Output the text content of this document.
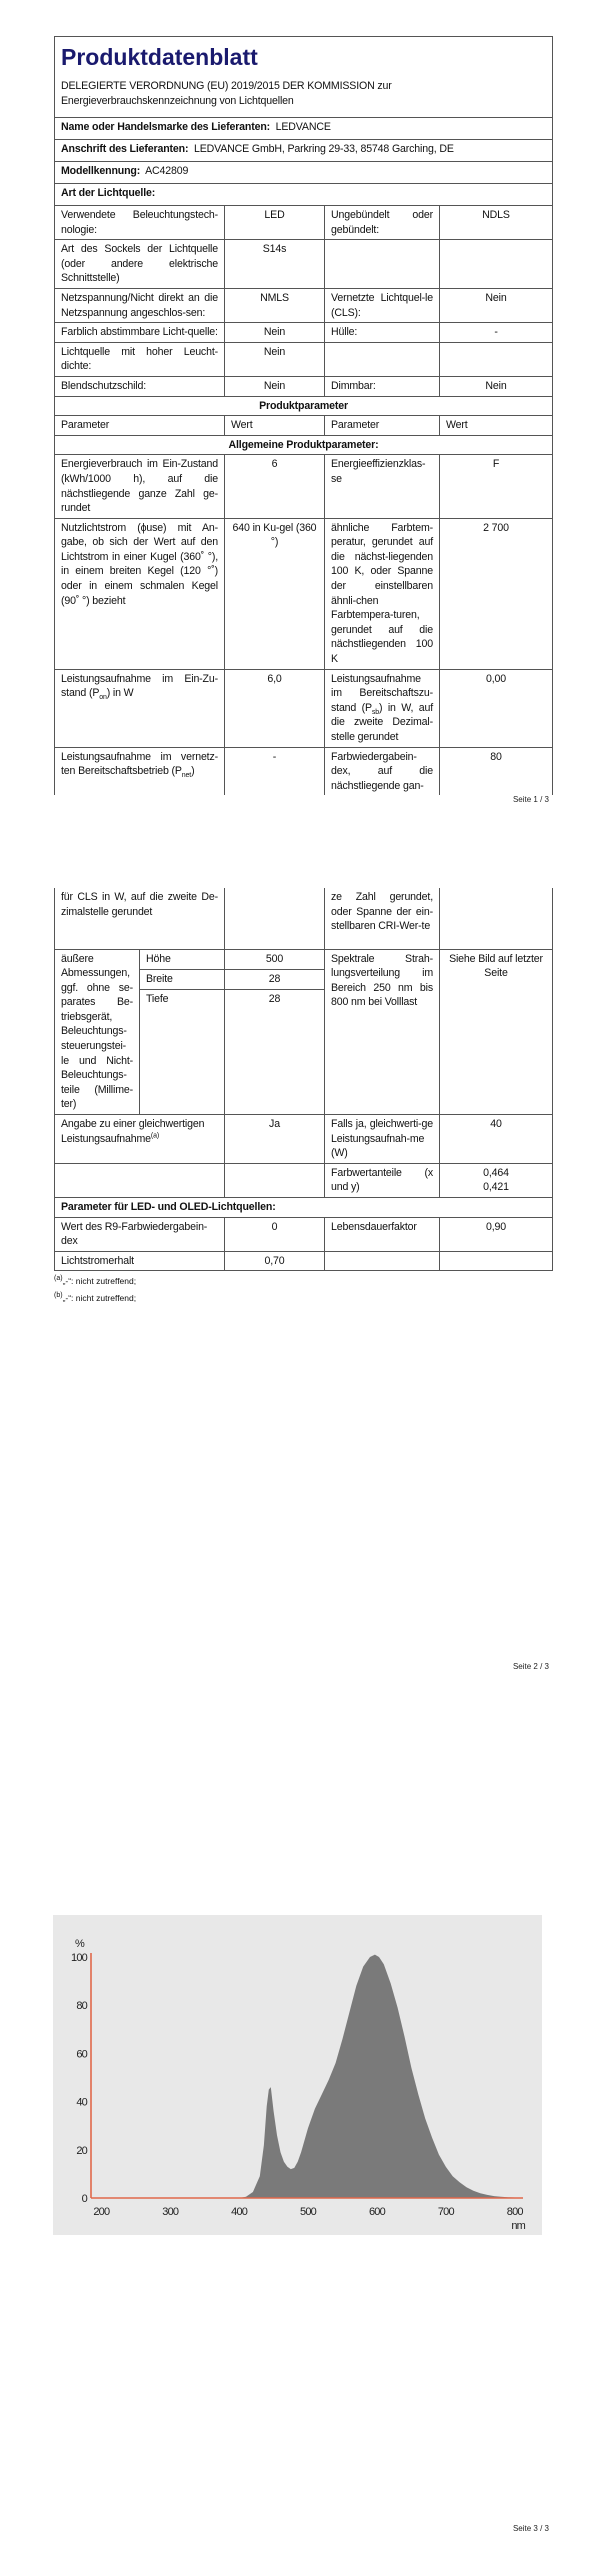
Produktdatenblatt
DELEGIERTE VERORDNUNG (EU) 2019/2015 DER KOMMISSION zur
Energieverbrauchskennzeichnung von Lichtquellen			

Name oder Handelsmarke des Lieferanten: LEDVANCE			
Anschrift des Lieferanten: LEDVANCE GmbH, Parkring 29-33, 85748 Garching, DE			
Modellkennung: AC42809			
Art der Lichtquelle:			
Verwendete Beleuchtungstech-nologie:	LED	Ungebündelt oder gebündelt:	NDLS
Art des Sockels der Lichtquelle (oder andere elektrische Schnittstelle)	S14s		
Netzspannung/Nicht direkt an die Netzspannung angeschlos-sen:	NMLS	Vernetzte Lichtquel-le (CLS):	Nein
Farblich abstimmbare Licht-quelle:	Nein	Hülle:	-
Lichtquelle mit hoher Leucht-dichte:	Nein		
Blendschutzschild:	Nein	Dimmbar:	Nein
Produktparameter			
Parameter	Wert	Parameter	Wert
Allgemeine Produktparameter:			
Energieverbrauch im Ein-Zustand (kWh/1000 h), auf die nächstliegende ganze Zahl ge-rundet	6	Energieeffizienzklas-se	F
Nutzlichtstrom (ϕuse) mit An-gabe, ob sich der Wert auf den Lichtstrom in einer Kugel (360˚ °), in einem breiten Kegel (120 °˚) oder in einem schmalen Kegel (90˚ °) bezieht	640 in Ku-gel (360 °)	ähnliche Farbtem-peratur, gerundet auf die nächst-liegenden 100 K, oder Spanne der einstellbaren ähnli-chen Farbtempera-turen, gerundet auf die nächstliegenden 100 K	2 700
Leistungsaufnahme im Ein-Zu-stand $(P_{on})$ in W	6,0	Leistungsaufnahme im Bereitschaftszu-stand $(P_{sb})$ in W, auf die zweite Dezimal-stelle gerundet	0,00
Leistungsaufnahme im vernetz-ten Bereitschaftsbetrieb $(P_{net})$	-	Farbwiedergabein-dex, auf die nächstliegende gan-	80
Seite 1 / 3
für CLS in W, auf die zweite De-zimalstelle gerundet			ze Zahl gerundet, oder Spanne der ein-stellbaren CRI-Wer-te	
äußere Abmessungen, ggf. ohne se-parates Be-triebsgerät, Beleuchtungs-steuerungstei-le und Nicht-Beleuchtungs-teile (Millime-ter)	Höhe	500	Spektrale Strah-lungsverteilung im Bereich 250 nm bis 800 nm bei Volllast	Siehe Bild auf letzter Seite
	Breite	28		
	Tiefe	28		
Angabe zu einer gleichwertigen Leistungsaufnahme$^{(a)}$		Ja	Falls ja, gleichwerti-ge Leistungsaufnah-me (W)	40
			Farbwertanteile (x und y)	0,464
0,421
Parameter für LED- und OLED-Lichtquellen:				
Wert des R9-Farbwiedergabein-dex		0	Lebensdauerfaktor	0,90
Lichtstromerhalt		0,70		
$^{(a)}$„-“: nicht zutreffend;
$^{(b)}$„-“: nicht zutreffend;
Seite 2 / 3
0
20
40
60
80
100
200	300	400	500	600	700	800
%
nm
Seite 3 / 3
